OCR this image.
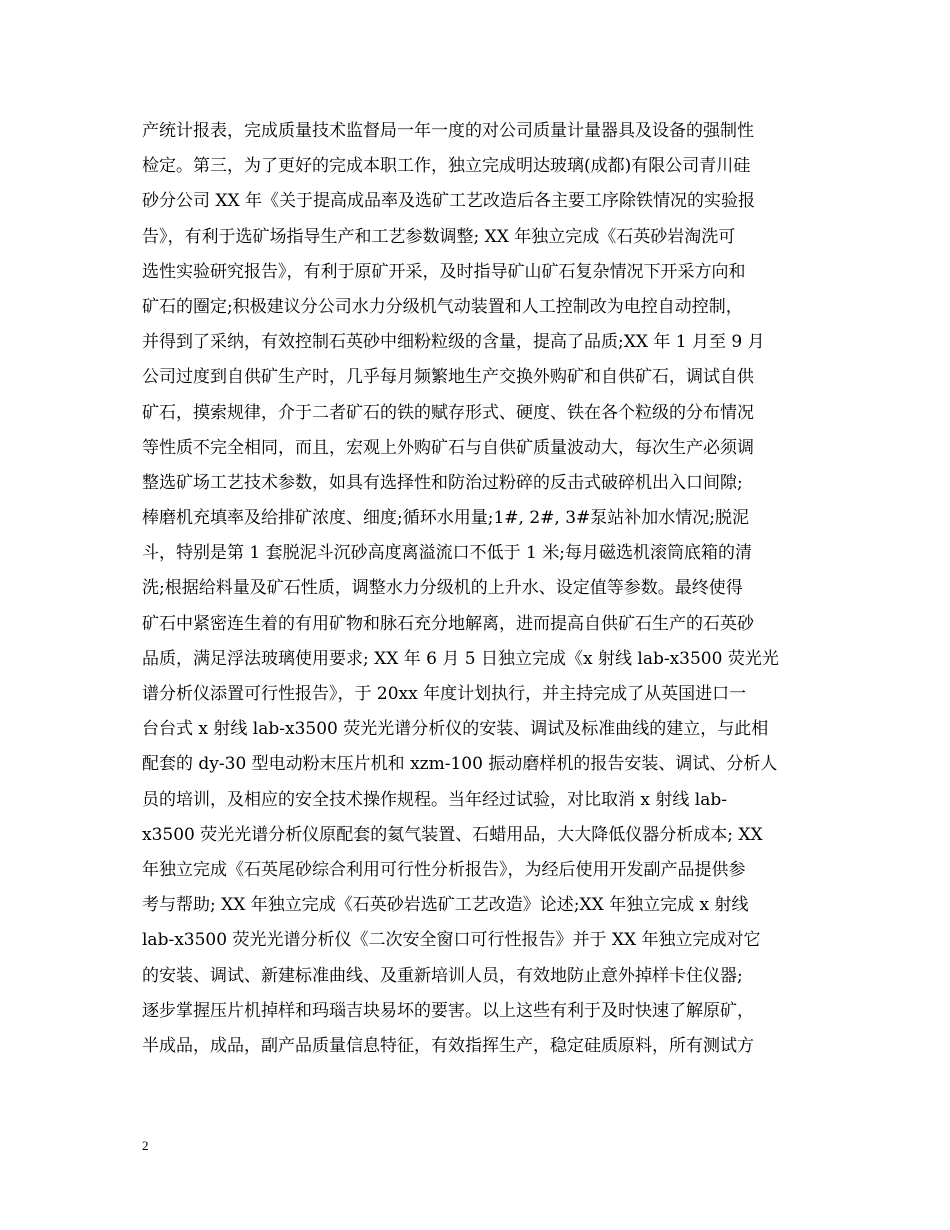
产统计报表，完成质量技术监督局一年一度的对公司质量计量器具及设备的强制性
检定。第三，为了更好的完成本职工作，独立完成明达玻璃(成都)有限公司青川硅
砂分公司 XX 年《关于提高成品率及选矿工艺改造后各主要工序除铁情况的实验报
告》，有利于选矿场指导生产和工艺参数调整; XX 年独立完成《石英砂岩淘洗可
选性实验研究报告》，有利于原矿开采，及时指导矿山矿石复杂情况下开采方向和
矿石的圈定;积极建议分公司水力分级机气动装置和人工控制改为电控自动控制，
并得到了采纳，有效控制石英砂中细粉粒级的含量，提高了品质;XX 年 1 月至 9 月
公司过度到自供矿生产时，几乎每月频繁地生产交换外购矿和自供矿石，调试自供
矿石，摸索规律，介于二者矿石的铁的赋存形式、硬度、铁在各个粒级的分布情况
等性质不完全相同，而且，宏观上外购矿石与自供矿质量波动大，每次生产必须调
整选矿场工艺技术参数，如具有选择性和防治过粉碎的反击式破碎机出入口间隙;
棒磨机充填率及给排矿浓度、细度;循环水用量;1#, 2#, 3#泵站补加水情况;脱泥
斗，特别是第 1 套脱泥斗沉砂高度离溢流口不低于 1 米;每月磁选机滚筒底箱的清
洗;根据给料量及矿石性质，调整水力分级机的上升水、设定值等参数。最终使得
矿石中紧密连生着的有用矿物和脉石充分地解离，进而提高自供矿石生产的石英砂
品质，满足浮法玻璃使用要求; XX 年 6 月 5 日独立完成《x 射线 lab-x3500 荧光光
谱分析仪添置可行性报告》，于 20xx 年度计划执行，并主持完成了从英国进口一
台台式 x 射线 lab-x3500 荧光光谱分析仪的安装、调试及标准曲线的建立，与此相
配套的 dy-30 型电动粉末压片机和 xzm-100 振动磨样机的报告安装、调试、分析人
员的培训，及相应的安全技术操作规程。当年经过试验，对比取消 x 射线 lab-
x3500 荧光光谱分析仪原配套的氦气装置、石蜡用品，大大降低仪器分析成本; XX
年独立完成《石英尾砂综合利用可行性分析报告》，为经后使用开发副产品提供参
考与帮助; XX 年独立完成《石英砂岩选矿工艺改造》论述;XX 年独立完成 x 射线
lab-x3500 荧光光谱分析仪《二次安全窗口可行性报告》并于 XX 年独立完成对它
的安装、调试、新建标准曲线、及重新培训人员，有效地防止意外掉样卡住仪器;
逐步掌握压片机掉样和玛瑙吉块易坏的要害。以上这些有利于及时快速了解原矿，
半成品，成品，副产品质量信息特征，有效指挥生产，稳定硅质原料，所有测试方
2
